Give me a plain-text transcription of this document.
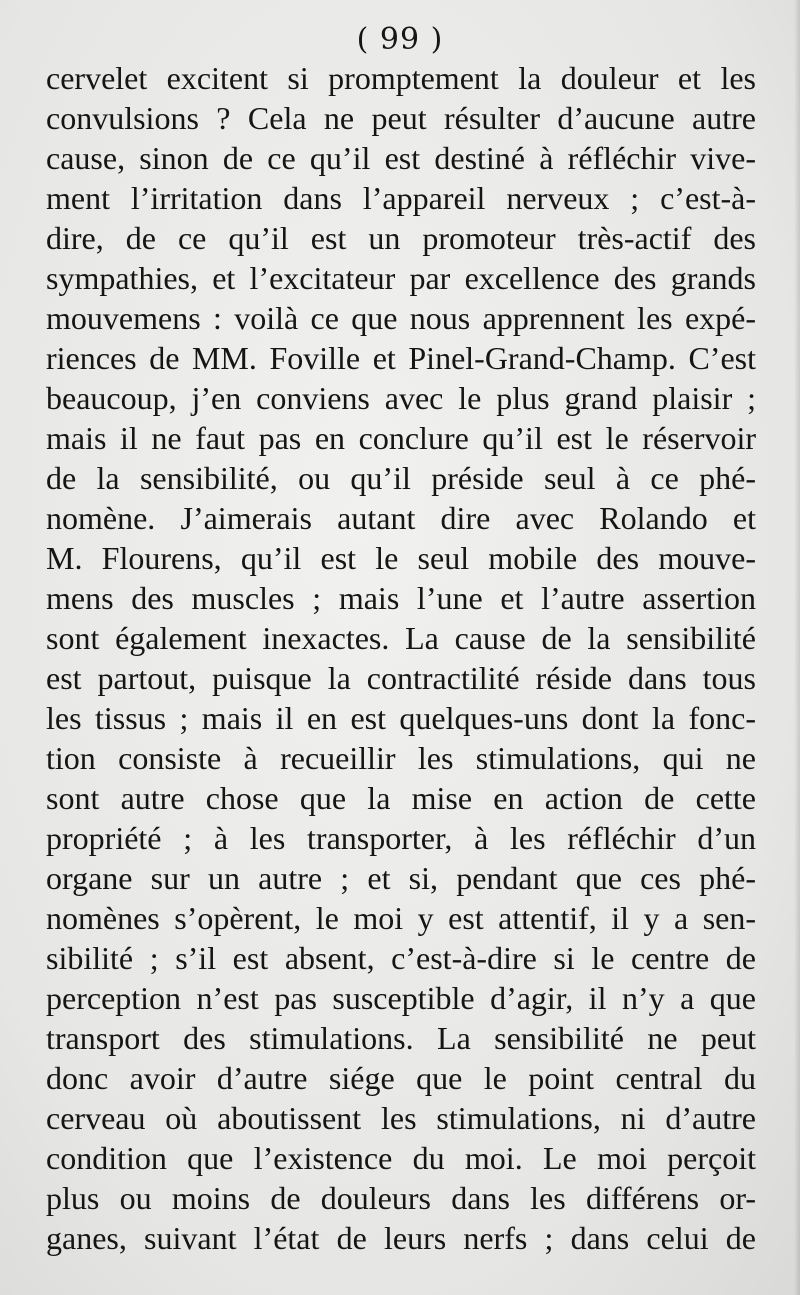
( 99 )
cervelet excitent si promptement la douleur et les
convulsions ? Cela ne peut résulter d’aucune autre
cause, sinon de ce qu’il est destiné à réfléchir vive-
ment l’irritation dans l’appareil nerveux ; c’est-à-
dire, de ce qu’il est un promoteur très-actif des
sympathies, et l’excitateur par excellence des grands
mouvemens : voilà ce que nous apprennent les expé-
riences de MM. Foville et Pinel-Grand-Champ. C’est
beaucoup, j’en conviens avec le plus grand plaisir ;
mais il ne faut pas en conclure qu’il est le réservoir
de la sensibilité, ou qu’il préside seul à ce phé-
nomène. J’aimerais autant dire avec Rolando et
M. Flourens, qu’il est le seul mobile des mouve-
mens des muscles ; mais l’une et l’autre assertion
sont également inexactes. La cause de la sensibilité
est partout, puisque la contractilité réside dans tous
les tissus ; mais il en est quelques-uns dont la fonc-
tion consiste à recueillir les stimulations, qui ne
sont autre chose que la mise en action de cette
propriété ; à les transporter, à les réfléchir d’un
organe sur un autre ; et si, pendant que ces phé-
nomènes s’opèrent, le moi y est attentif, il y a sen-
sibilité ; s’il est absent, c’est-à-dire si le centre de
perception n’est pas susceptible d’agir, il n’y a que
transport des stimulations. La sensibilité ne peut
donc avoir d’autre siége que le point central du
cerveau où aboutissent les stimulations, ni d’autre
condition que l’existence du moi. Le moi perçoit
plus ou moins de douleurs dans les différens or-
ganes, suivant l’état de leurs nerfs ; dans celui de
